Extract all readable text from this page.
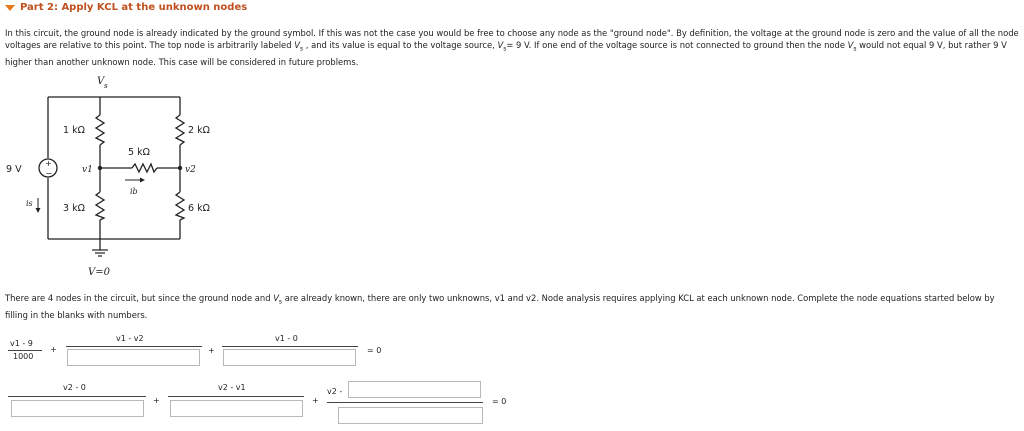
Part 2: Apply KCL at the unknown nodes
In this circuit, the ground node is already indicated by the ground symbol. If this was not the case you would be free to choose any node as the "ground node". By definition, the voltage at the ground node is zero and the value of all the node voltages are relative to this point. The top node is arbitrarily labeled $V_s$ , and its value is equal to the voltage source, $V_s= 9$ V. If one end of the voltage source is not connected to ground then the node $V_s$ would not equal 9 V, but rather 9 V higher than another unknown node. This case will be considered in future problems.
V s
1 kΩ	2 kΩ
5 kΩ
3 kΩ	6 kΩ
v1	v2
ib
+
−
9 V
is
V=0
There are 4 nodes in the circuit, but since the ground node and $V_s$ are already known, there are only two unknowns, v1 and v2. Node analysis requires applying KCL at each unknown node. Complete the node equations started below by filling in the blanks with numbers.
v1 - 9
1000
+
v1 - v2
+
v1 - 0
= 0
v2 - 0
+
v2 - v1
+
v2 -
= 0
